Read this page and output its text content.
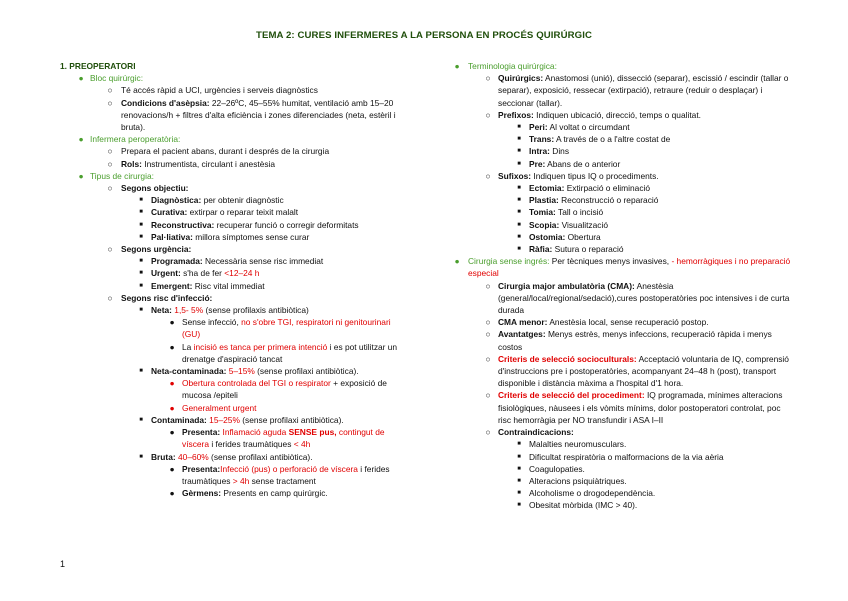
TEMA 2: CURES INFERMERES A LA PERSONA EN PROCÉS QUIRÚRGIC
1. PREOPERATORI
● Bloc quirúrgic:
○ Té accés ràpid a UCI, urgències i serveis diagnòstics
○ Condicions d'asèpsia: 22–26ºC, 45–55% humitat, ventilació amb 15–20 renovacions/h + filtres d'alta eficiència i zones diferenciades (neta, estèril i bruta).
● Infermera peroperatòria:
○ Prepara el pacient abans, durant i després de la cirurgia
○ Rols: Instrumentista, circulant i anestèsia
● Tipus de cirurgia:
○ Segons objectiu:
■ Diagnòstica: per obtenir diagnòstic
■ Curativa: extirpar o reparar teixit malalt
■ Reconstructiva: recuperar funció o corregir deformitats
■ Pal·liativa: millora símptomes sense curar
○ Segons urgència:
■ Programada: Necessària sense risc immediat
■ Urgent: s'ha de fer <12–24 h
■ Emergent: Risc vital immediat
○ Segons risc d'infecció:
■ Neta: 1,5- 5% (sense profilaxis antibiòtica)
● Sense infecció, no s'obre TGI, respiratori ni genitourinari (GU)
● La incisió es tanca per primera intenció i es pot utilitzar un drenatge d'aspiració tancat
■ Neta-contaminada: 5–15% (sense profilaxi antibiòtica).
● Obertura controlada del TGI o respirator + exposició de mucosa /epiteli
● Generalment urgent
■ Contaminada: 15–25% (sense profilaxi antibiòtica).
● Presenta: Inflamació aguda SENSE pus, contingut de víscera i ferides traumàtiques < 4h
■ Bruta: 40–60% (sense profilaxi antibiòtica).
● Presenta:Infecció (pus) o perforació de víscera i ferides traumàtiques > 4h sense tractament
● Gèrmens: Presents en camp quirúrgic.
● Terminologia quirúrgica:
○ Quirúrgics: Anastomosi (unió), dissecció (separar), escissió / escindir (tallar o separar), exposició, ressecar (extirpació), retraure (reduir o desplaçar) i seccionar (tallar).
○ Prefixos: Indiquen ubicació, direcció, temps o qualitat.
■ Peri: Al voltat o circumdant
■ Trans: A través de o a l'altre costat de
■ Intra: Dins
■ Pre: Abans de o anterior
○ Sufixos: Indiquen tipus IQ o procediments.
■ Ectomia: Extirpació o eliminació
■ Plastia: Reconstrucció o reparació
■ Tomia: Tall o incisió
■ Scopia: Visualització
■ Ostomia: Obertura
■ Ràfia: Sutura o reparació
● Cirurgia sense ingrés: Per tècniques menys invasives, - hemorràgiques i no preparació especial
○ Cirurgia major ambulatòria (CMA): Anestèsia (general/local/regional/sedació),cures postoperatòries poc intensives i de curta durada
○ CMA menor: Anestèsia local, sense recuperació postop.
○ Avantatges: Menys estrès, menys infeccions, recuperació ràpida i menys costos
○ Criteris de selecció socioculturals: Acceptació voluntaria de IQ, comprensió d'instruccions pre i postoperatòries, acompanyant 24–48 h (post), transport disponible i distància màxima a l'hospital d'1 hora.
○ Criteris de selecció del procediment: IQ programada, mínimes alteracions fisiològiques, nàusees i els vòmits mínims, dolor postoperatori controlat, poc risc hemorràgia per NO transfundir i ASA I–II
○ Contraindicacions:
■ Malalties neuromusculars.
■ Dificultat respiratòria o malformacions de la via aèria
■ Coagulopaties.
■ Alteracions psiquiàtriques.
■ Alcoholisme o drogodependència.
■ Obesitat mòrbida (IMC > 40).
1
